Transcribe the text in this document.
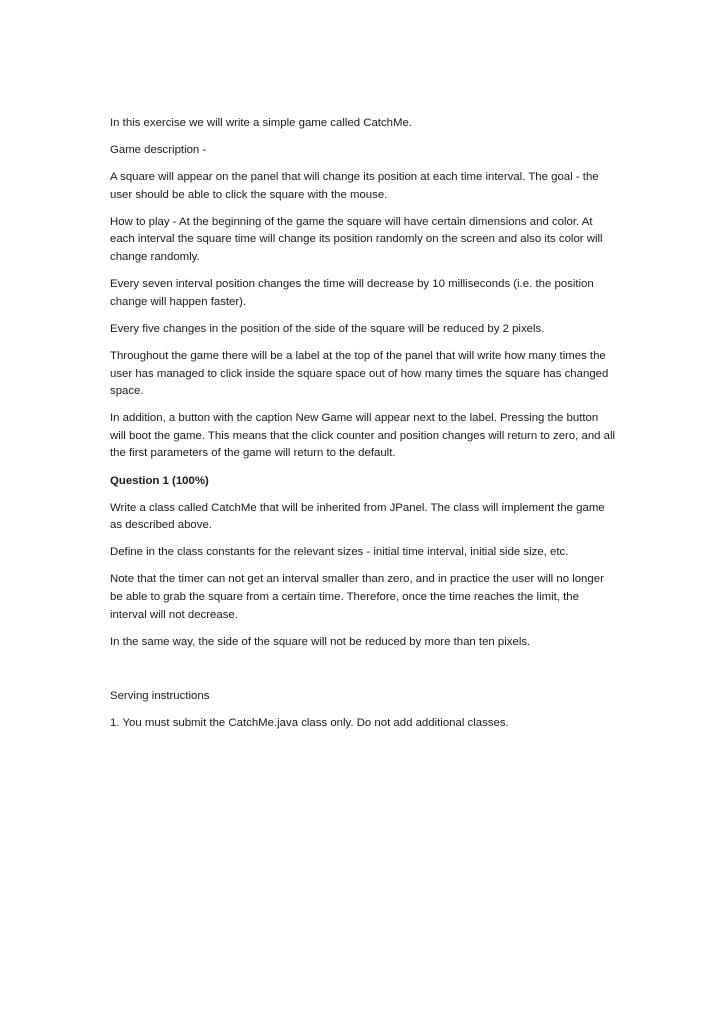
In this exercise we will write a simple game called CatchMe.

Game description -

A square will appear on the panel that will change its position at each time interval. The goal - the user should be able to click the square with the mouse.

How to play - At the beginning of the game the square will have certain dimensions and color. At each interval the square time will change its position randomly on the screen and also its color will change randomly.

Every seven interval position changes the time will decrease by 10 milliseconds (i.e. the position change will happen faster).

Every five changes in the position of the side of the square will be reduced by 2 pixels.

Throughout the game there will be a label at the top of the panel that will write how many times the user has managed to click inside the square space out of how many times the square has changed space.

In addition, a button with the caption New Game will appear next to the label. Pressing the button will boot the game. This means that the click counter and position changes will return to zero, and all the first parameters of the game will return to the default.

Question 1 (100%)

Write a class called CatchMe that will be inherited from JPanel. The class will implement the game as described above.

Define in the class constants for the relevant sizes - initial time interval, initial side size, etc.

Note that the timer can not get an interval smaller than zero, and in practice the user will no longer be able to grab the square from a certain time. Therefore, once the time reaches the limit, the interval will not decrease.

In the same way, the side of the square will not be reduced by more than ten pixels.

Serving instructions

1. You must submit the CatchMe.java class only. Do not add additional classes.
